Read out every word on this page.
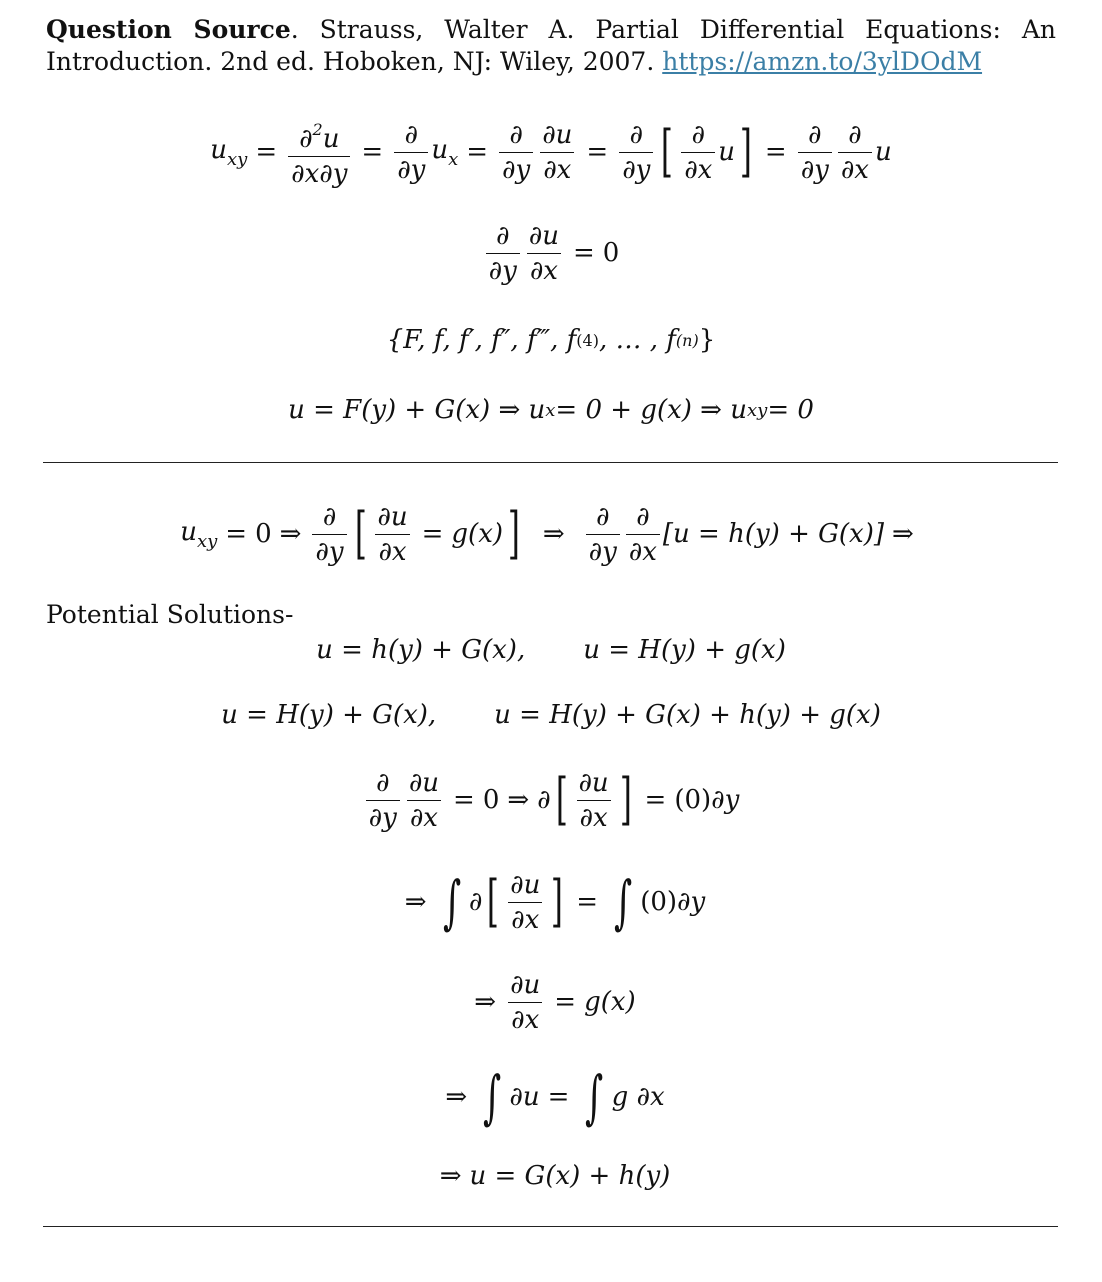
Question Source. Strauss, Walter A. Partial Differential Equations: An Introduction. 2nd ed. Hoboken, NJ: Wiley, 2007. https://amzn.to/3ylDOdM
$u_{xy} = \frac{\partial^2u}{\partial x\partial y} = \frac{\partial}{\partial y} u_x = \frac{\partial}{\partial y} \frac{\partial u}{\partial x} = \frac{\partial}{\partial y}$ [ $\frac{\partial}{\partial x}$ u ] = $\frac{\partial}{\partial y} \frac{\partial}{\partial x}$ u
$\frac{\partial}{\partial y} \frac{\partial u}{\partial x} = 0$
{F, f, f′, f″, f‴, f (4) , … , f (n) }
u = F(y) + G(x) ⇒ u x = 0 + g(x) ⇒ u xy = 0
$u_{xy} = 0$ ⇒ $\frac{\partial}{\partial y}$ [ $\frac{\partial u}{\partial x} = g(x)$ ] ⇒ $\frac{\partial}{\partial y} \frac{\partial}{\partial x} [u = h(y) + G(x)]$ ⇒
Potential Solutions-
u = h(y) + G(x), u = H(y) + g(x)
u = H(y) + G(x), u = H(y) + G(x) + h(y) + g(x)
$\frac{\partial}{\partial y} \frac{\partial u}{\partial x} = 0$ ⇒ ∂ [ $\frac{\partial u}{\partial x}$ ] = (0) ∂y
⇒ ∫ ∂ [ $\frac{\partial u}{\partial x}$ ] = ∫ (0) ∂y
⇒ $\frac{\partial u}{\partial x} = g(x)$
⇒ ∫ ∂u = ∫ g ∂x
⇒ u = G(x) + h(y)
